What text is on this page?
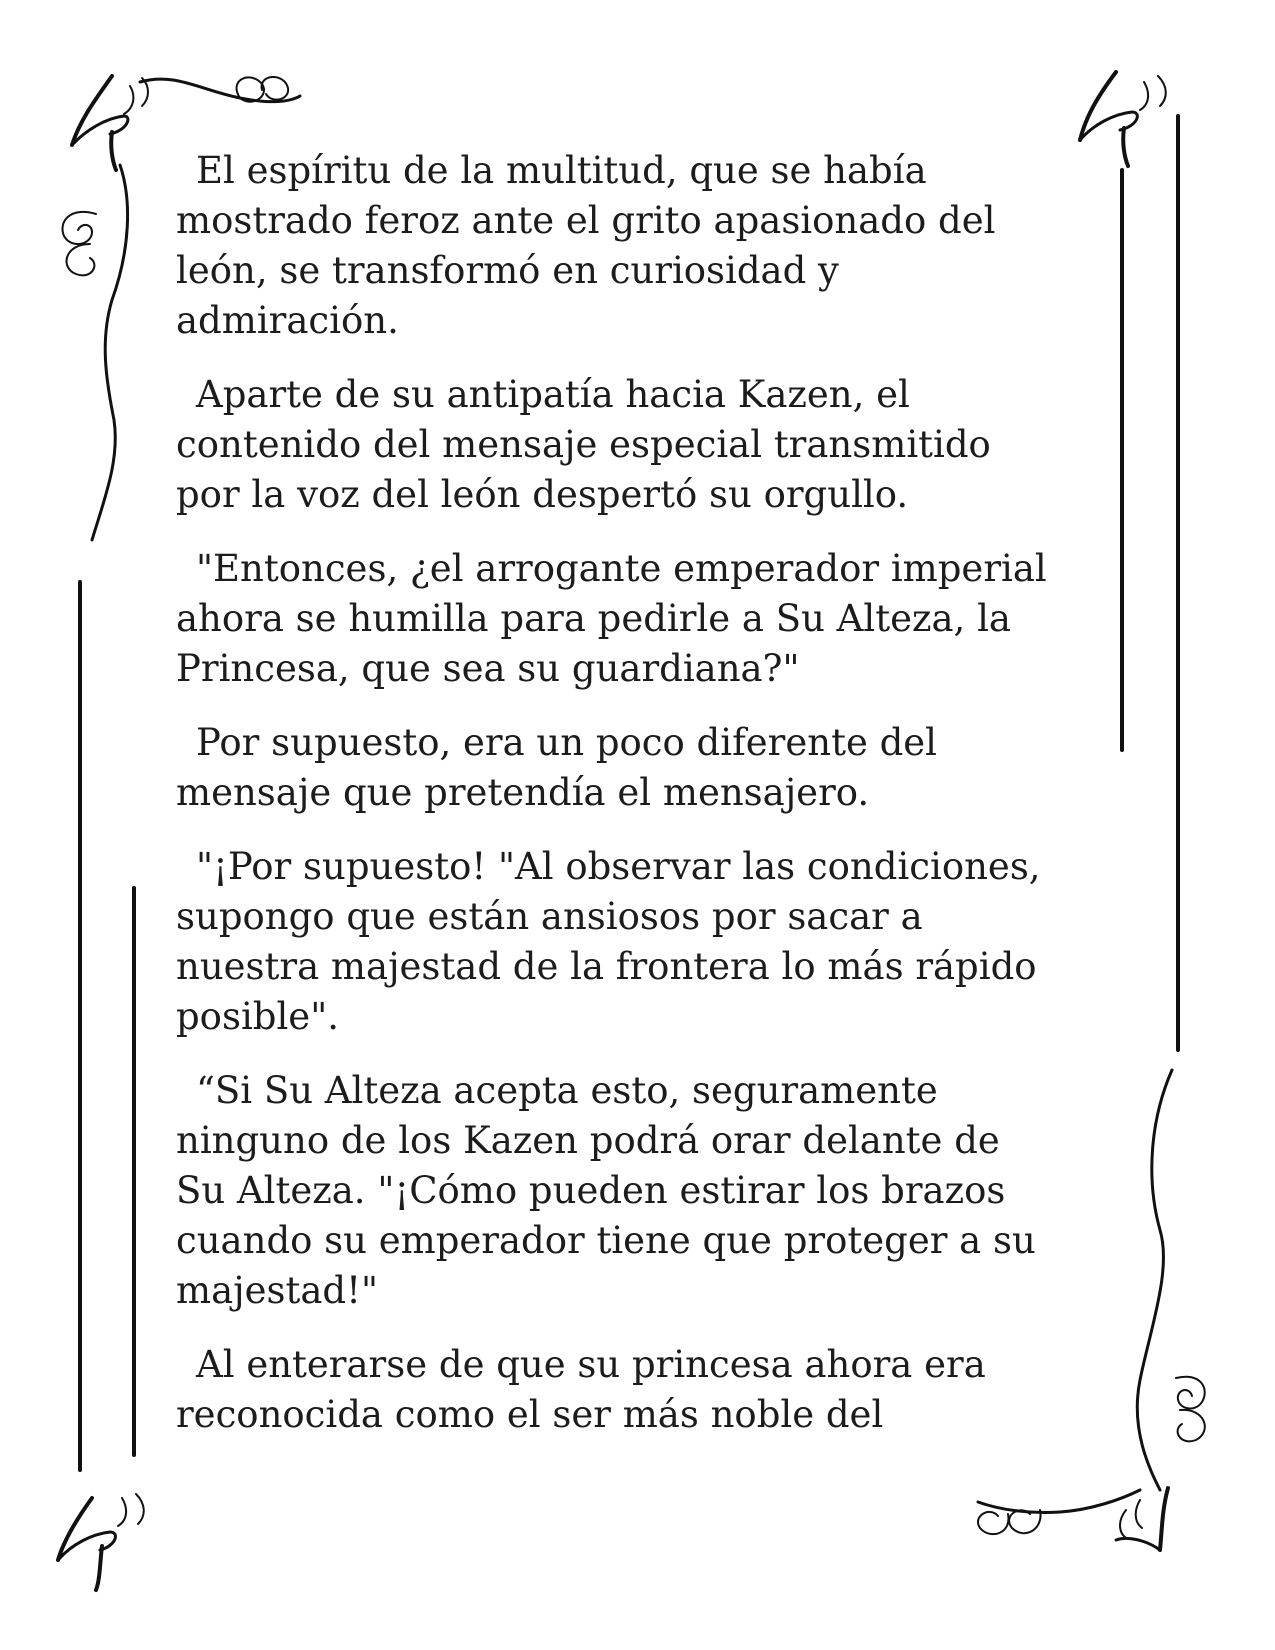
El espíritu de la multitud, que se había
mostrado feroz ante el grito apasionado del
león, se transformó en curiosidad y
admiración.
Aparte de su antipatía hacia Kazen, el
contenido del mensaje especial transmitido
por la voz del león despertó su orgullo.
"Entonces, ¿el arrogante emperador imperial
ahora se humilla para pedirle a Su Alteza, la
Princesa, que sea su guardiana?"
Por supuesto, era un poco diferente del
mensaje que pretendía el mensajero.
"¡Por supuesto! "Al observar las condiciones,
supongo que están ansiosos por sacar a
nuestra majestad de la frontera lo más rápido
posible".
“Si Su Alteza acepta esto, seguramente
ninguno de los Kazen podrá orar delante de
Su Alteza. "¡Cómo pueden estirar los brazos
cuando su emperador tiene que proteger a su
majestad!"
Al enterarse de que su princesa ahora era
reconocida como el ser más noble del
